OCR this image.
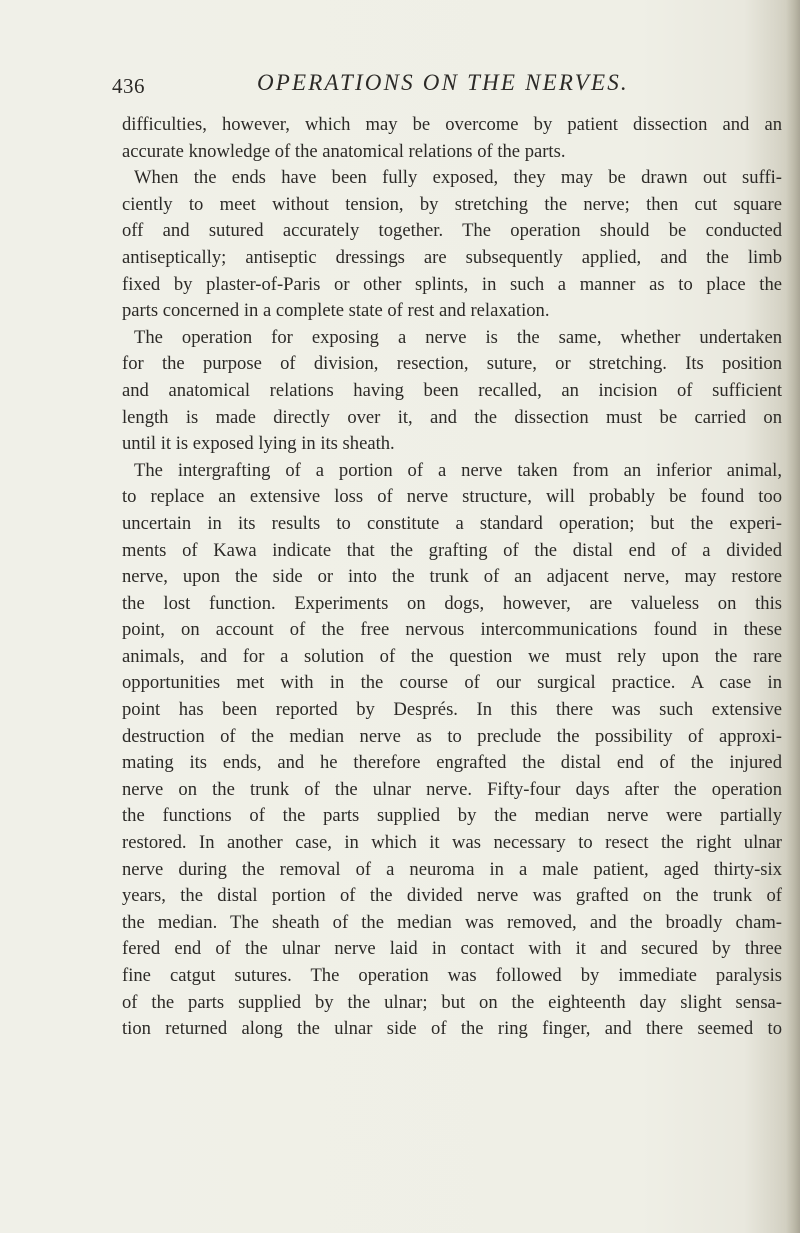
436	OPERATIONS ON THE NERVES.
difficulties, however, which may be overcome by patient dissection and an
accurate knowledge of the anatomical relations of the parts.
When the ends have been fully exposed, they may be drawn out suffi-
ciently to meet without tension, by stretching the nerve; then cut square
off and sutured accurately together. The operation should be conducted
antiseptically; antiseptic dressings are subsequently applied, and the limb
fixed by plaster-of-Paris or other splints, in such a manner as to place the
parts concerned in a complete state of rest and relaxation.
The operation for exposing a nerve is the same, whether undertaken
for the purpose of division, resection, suture, or stretching. Its position
and anatomical relations having been recalled, an incision of sufficient
length is made directly over it, and the dissection must be carried on
until it is exposed lying in its sheath.
The intergrafting of a portion of a nerve taken from an inferior animal,
to replace an extensive loss of nerve structure, will probably be found too
uncertain in its results to constitute a standard operation; but the experi-
ments of Kawa indicate that the grafting of the distal end of a divided
nerve, upon the side or into the trunk of an adjacent nerve, may restore
the lost function. Experiments on dogs, however, are valueless on this
point, on account of the free nervous intercommunications found in these
animals, and for a solution of the question we must rely upon the rare
opportunities met with in the course of our surgical practice. A case in
point has been reported by Després. In this there was such extensive
destruction of the median nerve as to preclude the possibility of approxi-
mating its ends, and he therefore engrafted the distal end of the injured
nerve on the trunk of the ulnar nerve. Fifty-four days after the operation
the functions of the parts supplied by the median nerve were partially
restored. In another case, in which it was necessary to resect the right ulnar
nerve during the removal of a neuroma in a male patient, aged thirty-six
years, the distal portion of the divided nerve was grafted on the trunk of
the median. The sheath of the median was removed, and the broadly cham-
fered end of the ulnar nerve laid in contact with it and secured by three
fine catgut sutures. The operation was followed by immediate paralysis
of the parts supplied by the ulnar; but on the eighteenth day slight sensa-
tion returned along the ulnar side of the ring finger, and there seemed to
